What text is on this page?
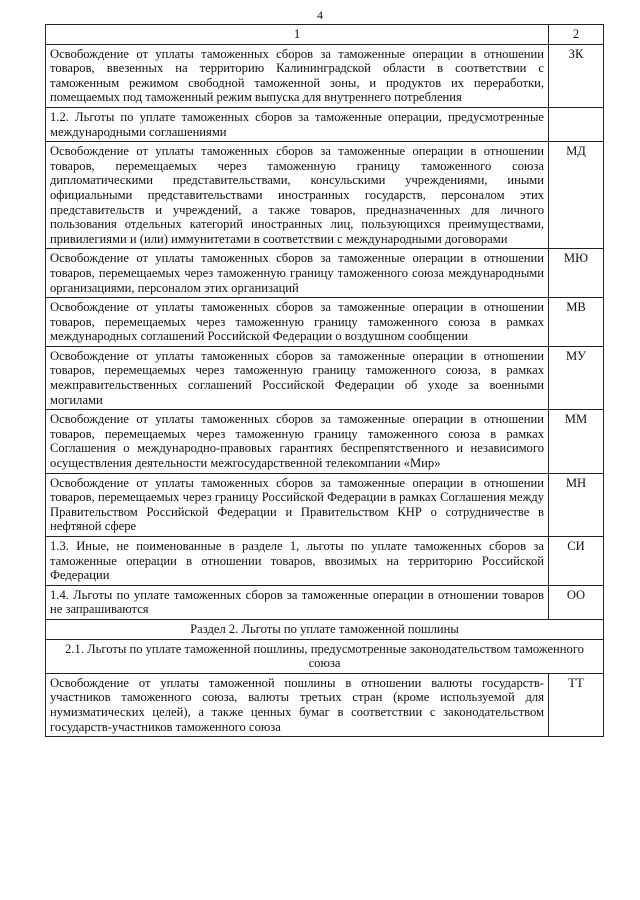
4
1	2
Освобождение от уплаты таможенных сборов за таможенные операции в отношении товаров, ввезенных на территорию Калининградской области в соответствии с таможенным режимом свободной таможенной зоны, и продуктов их переработки, помещаемых под таможенный режим выпуска для внутреннего потребления	ЗК
1.2. Льготы по уплате таможенных сборов за таможенные операции, предусмотренные международными соглашениями	
Освобождение от уплаты таможенных сборов за таможенные операции в отношении товаров, перемещаемых через таможенную границу таможенного союза дипломатическими представительствами, консульскими учреждениями, иными официальными представительствами иностранных государств, персоналом этих представительств и учреждений, а также товаров, предназначенных для личного пользования отдельных категорий иностранных лиц, пользующихся преимуществами, привилегиями и (или) иммунитетами в соответствии с международными договорами	МД
Освобождение от уплаты таможенных сборов за таможенные операции в отношении товаров, перемещаемых через таможенную границу таможенного союза международными организациями, персоналом этих организаций	МЮ
Освобождение от уплаты таможенных сборов за таможенные операции в отношении товаров, перемещаемых через таможенную границу таможенного союза в рамках международных соглашений Российской Федерации о воздушном сообщении	МВ
Освобождение от уплаты таможенных сборов за таможенные операции в отношении товаров, перемещаемых через таможенную границу таможенного союза, в рамках межправительственных соглашений Российской Федерации об уходе за военными могилами	МУ
Освобождение от уплаты таможенных сборов за таможенные операции в отношении товаров, перемещаемых через таможенную границу таможенного союза в рамках Соглашения о международно-правовых гарантиях беспрепятственного и независимого осуществления деятельности межгосударственной телекомпании «Мир»	ММ
Освобождение от уплаты таможенных сборов за таможенные операции в отношении товаров, перемещаемых через границу Российской Федерации в рамках Соглашения между Правительством Российской Федерации и Правительством КНР о сотрудничестве в нефтяной сфере	МН
1.3. Иные, не поименованные в разделе 1, льготы по уплате таможенных сборов за таможенные операции в отношении товаров, ввозимых на территорию Российской Федерации	СИ
1.4. Льготы по уплате таможенных сборов за таможенные операции в отношении товаров не запрашиваются	ОО
Раздел 2. Льготы по уплате таможенной пошлины	
2.1. Льготы по уплате таможенной пошлины, предусмотренные законодательством таможенного союза	
Освобождение от уплаты таможенной пошлины в отношении валюты государств-участников таможенного союза, валюты третьих стран (кроме используемой для нумизматических целей), а также ценных бумаг в соответствии с законодательством государств-участников таможенного союза	ТТ
